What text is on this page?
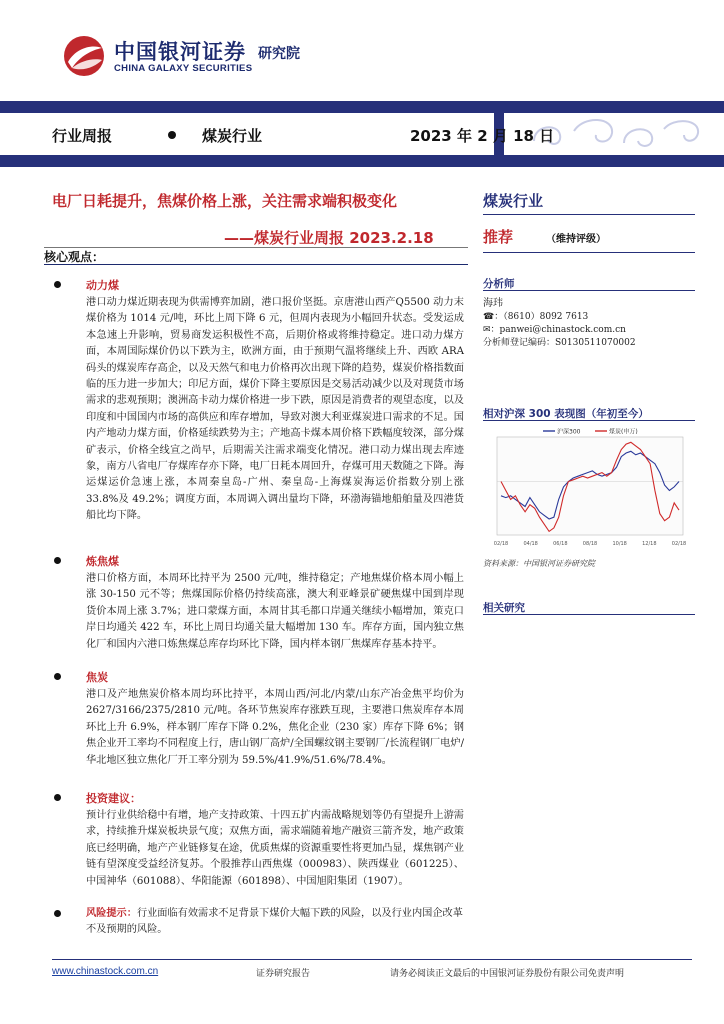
中国银河证券
CHINA GALAXY SECURITIES
研究院
行业周报	煤炭行业	2023 年 2 月 18 日
电厂日耗提升，焦煤价格上涨，关注需求端积极变化
——煤炭行业周报 2023.2.18
核心观点：
动力煤
港口动力煤近期表现为供需博弈加剧，港口报价坚挺。京唐港山西产Q5500 动力末煤价格为 1014 元/吨，环比上周下降 6 元，但周内表现为小幅回升状态。受发运成本急速上升影响，贸易商发运积极性不高，后期价格或将维持稳定。进口动力煤方面，本周国际煤价仍以下跌为主，欧洲方面，由于预期气温将继续上升、西欧 ARA 码头的煤炭库存高企，以及天然气和电力价格再次出现下降的趋势，煤炭价格指数面临的压力进一步加大；印尼方面，煤价下降主要原因是交易活动减少以及对现货市场需求的悲观预期；澳洲高卡动力煤价格进一步下跌，原因是消费者的观望态度，以及印度和中国国内市场的高供应和库存增加，导致对澳大利亚煤炭进口需求的不足。国内产地动力煤方面，价格延续跌势为主；产地高卡煤本周价格下跌幅度较深，部分煤矿表示，价格全线宣之尚早，后期需关注需求端变化情况。港口动力煤出现去库迹象，南方八省电厂存煤库存亦下降，电厂日耗本周回升，存煤可用天数随之下降。海运煤运价急速上涨，本周秦皇岛-广州、秦皇岛-上海煤炭海运价指数分别上涨 33.8%及 49.2%；调度方面，本周调入调出量均下降，环渤海锚地船舶量及四港货船比均下降。
炼焦煤
港口价格方面，本周环比持平为 2500 元/吨，维持稳定；产地焦煤价格本周小幅上涨 30-150 元不等；焦煤国际价格仍持续高涨，澳大利亚峰景矿硬焦煤中国到岸现货价本周上涨 3.7%；进口蒙煤方面，本周甘其毛都口岸通关继续小幅增加，策克口岸日均通关 422 车，环比上周日均通关量大幅增加 130 车。库存方面，国内独立焦化厂和国内六港口炼焦煤总库存均环比下降，国内样本钢厂焦煤库存基本持平。
焦炭
港口及产地焦炭价格本周均环比持平，本周山西/河北/内蒙/山东产冶金焦平均价为 2627/3166/2375/2810 元/吨。各环节焦炭库存涨跌互现，主要港口焦炭库存本周环比上升 6.9%，样本钢厂库存下降 0.2%，焦化企业（230 家）库存下降 6%；钢焦企业开工率均不同程度上行，唐山钢厂高炉/全国螺纹钢主要钢厂/长流程钢厂电炉/华北地区独立焦化厂开工率分别为 59.5%/41.9%/51.6%/78.4%。
投资建议：
预计行业供给稳中有增，地产支持政策、十四五扩内需战略规划等仍有望提升上游需求，持续推升煤炭板块景气度；双焦方面，需求端随着地产融资三箭齐发，地产政策底已经明确，地产产业链修复在途，优质焦煤的资源重要性将更加凸显，煤焦钢产业链有望深度受益经济复苏。个股推荐山西焦煤（000983）、陕西煤业（601225）、中国神华（601088）、华阳能源（601898）、中国旭阳集团（1907）。
风险提示：行业面临有效需求不足背景下煤价大幅下跌的风险，以及行业内国企改革不及预期的风险。
煤炭行业
推荐	（维持评级）
分析师
海玮
☎：（8610）8092 7613
✉：panwei@chinastock.com.cn
分析师登记编码：S0130511070002
相对沪深 300 表现图（年初至今）
沪深300	煤炭(申万)
02/18	04/18	06/18	08/18	10/18	12/18	02/18
资料来源：中国银河证券研究院
相关研究
www.chinastock.com.cn	证券研究报告	请务必阅读正文最后的中国银河证券股份有限公司免责声明
